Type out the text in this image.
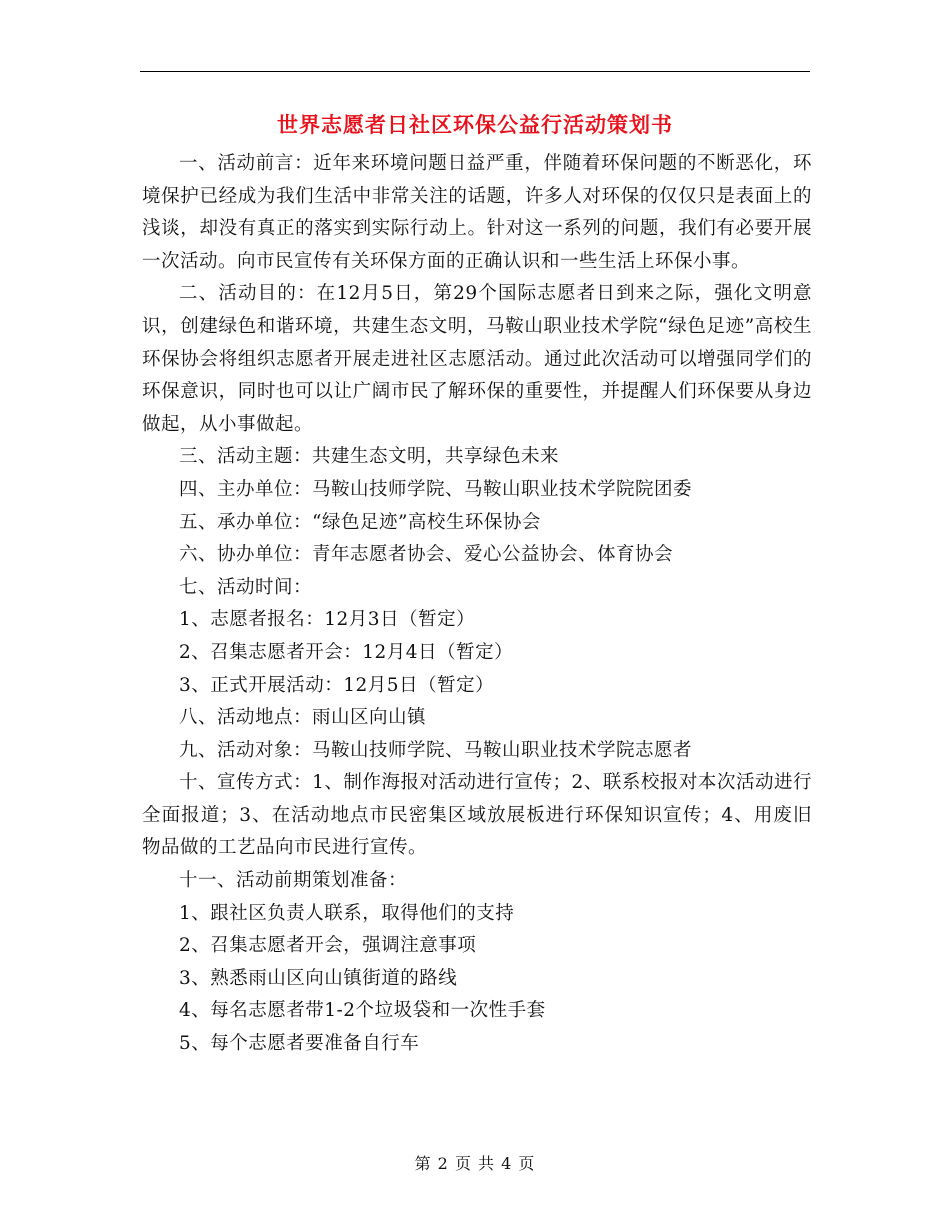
世界志愿者日社区环保公益行活动策划书

一、活动前言：近年来环境问题日益严重，伴随着环保问题的不断恶化，环境保护已经成为我们生活中非常关注的话题，许多人对环保的仅仅只是表面上的浅谈，却没有真正的落实到实际行动上。针对这一系列的问题，我们有必要开展一次活动。向市民宣传有关环保方面的正确认识和一些生活上环保小事。

二、活动目的：在12月5日，第29个国际志愿者日到来之际，强化文明意识，创建绿色和谐环境，共建生态文明，马鞍山职业技术学院“绿色足迹”高校生环保协会将组织志愿者开展走进社区志愿活动。通过此次活动可以增强同学们的环保意识，同时也可以让广阔市民了解环保的重要性，并提醒人们环保要从身边做起，从小事做起。

三、活动主题：共建生态文明，共享绿色未来

四、主办单位：马鞍山技师学院、马鞍山职业技术学院院团委

五、承办单位：“绿色足迹”高校生环保协会

六、协办单位：青年志愿者协会、爱心公益协会、体育协会

七、活动时间：

1、志愿者报名：12月3日（暂定）

2、召集志愿者开会：12月4日（暂定）

3、正式开展活动：12月5日（暂定）

八、活动地点：雨山区向山镇

九、活动对象：马鞍山技师学院、马鞍山职业技术学院志愿者

十、宣传方式：1、制作海报对活动进行宣传；2、联系校报对本次活动进行全面报道；3、在活动地点市民密集区域放展板进行环保知识宣传；4、用废旧物品做的工艺品向市民进行宣传。

十一、活动前期策划准备：

1、跟社区负责人联系，取得他们的支持

2、召集志愿者开会，强调注意事项

3、熟悉雨山区向山镇街道的路线

4、每名志愿者带1-2个垃圾袋和一次性手套

5、每个志愿者要准备自行车

第 2 页 共 4 页
